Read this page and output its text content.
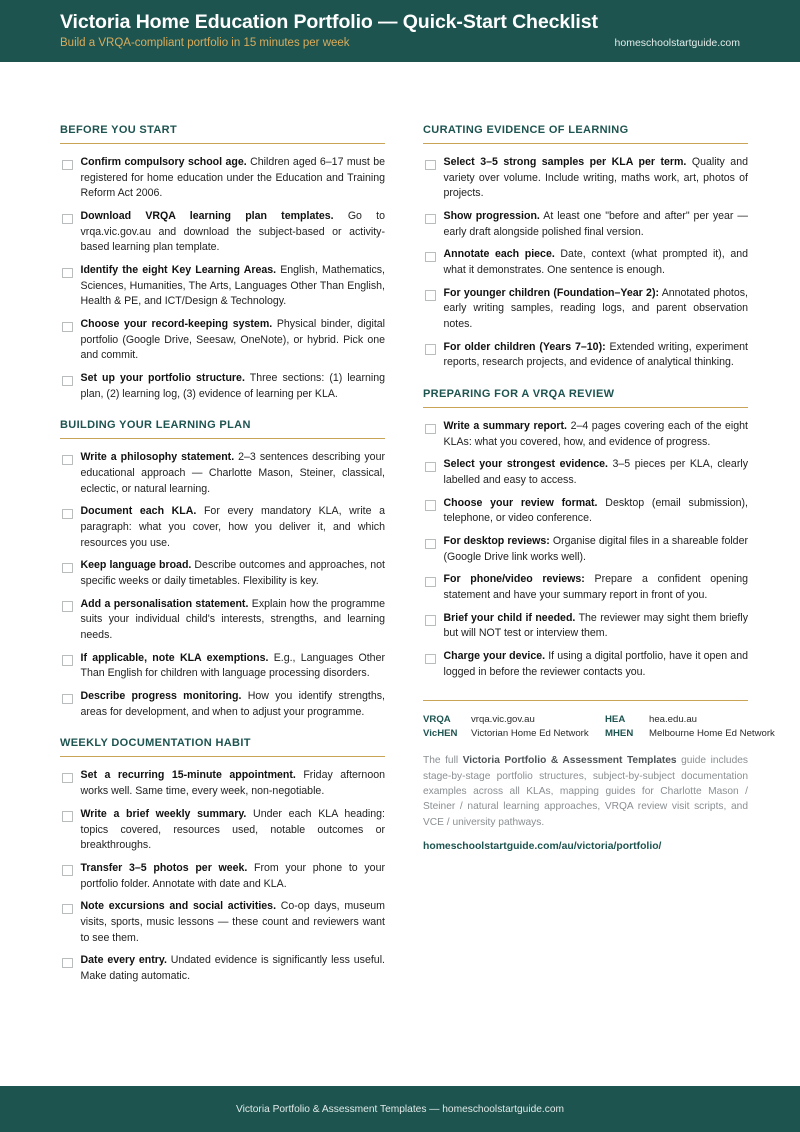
Victoria Home Education Portfolio — Quick-Start Checklist
Build a VRQA-compliant portfolio in 15 minutes per week	homeschoolstartguide.com
BEFORE YOU START
Confirm compulsory school age. Children aged 6–17 must be registered for home education under the Education and Training Reform Act 2006.
Download VRQA learning plan templates. Go to vrqa.vic.gov.au and download the subject-based or activity-based learning plan template.
Identify the eight Key Learning Areas. English, Mathematics, Sciences, Humanities, The Arts, Languages Other Than English, Health & PE, and ICT/Design & Technology.
Choose your record-keeping system. Physical binder, digital portfolio (Google Drive, Seesaw, OneNote), or hybrid. Pick one and commit.
Set up your portfolio structure. Three sections: (1) learning plan, (2) learning log, (3) evidence of learning per KLA.
BUILDING YOUR LEARNING PLAN
Write a philosophy statement. 2–3 sentences describing your educational approach — Charlotte Mason, Steiner, classical, eclectic, or natural learning.
Document each KLA. For every mandatory KLA, write a paragraph: what you cover, how you deliver it, and which resources you use.
Keep language broad. Describe outcomes and approaches, not specific weeks or daily timetables. Flexibility is key.
Add a personalisation statement. Explain how the programme suits your individual child's interests, strengths, and learning needs.
If applicable, note KLA exemptions. E.g., Languages Other Than English for children with language processing disorders.
Describe progress monitoring. How you identify strengths, areas for development, and when to adjust your programme.
WEEKLY DOCUMENTATION HABIT
Set a recurring 15-minute appointment. Friday afternoon works well. Same time, every week, non-negotiable.
Write a brief weekly summary. Under each KLA heading: topics covered, resources used, notable outcomes or breakthroughs.
Transfer 3–5 photos per week. From your phone to your portfolio folder. Annotate with date and KLA.
Note excursions and social activities. Co-op days, museum visits, sports, music lessons — these count and reviewers want to see them.
Date every entry. Undated evidence is significantly less useful. Make dating automatic.
CURATING EVIDENCE OF LEARNING
Select 3–5 strong samples per KLA per term. Quality and variety over volume. Include writing, maths work, art, photos of projects.
Show progression. At least one "before and after" per year — early draft alongside polished final version.
Annotate each piece. Date, context (what prompted it), and what it demonstrates. One sentence is enough.
For younger children (Foundation–Year 2): Annotated photos, early writing samples, reading logs, and parent observation notes.
For older children (Years 7–10): Extended writing, experiment reports, research projects, and evidence of analytical thinking.
PREPARING FOR A VRQA REVIEW
Write a summary report. 2–4 pages covering each of the eight KLAs: what you covered, how, and evidence of progress.
Select your strongest evidence. 3–5 pieces per KLA, clearly labelled and easy to access.
Choose your review format. Desktop (email submission), telephone, or video conference.
For desktop reviews: Organise digital files in a shareable folder (Google Drive link works well).
For phone/video reviews: Prepare a confident opening statement and have your summary report in front of you.
Brief your child if needed. The reviewer may sight them briefly but will NOT test or interview them.
Charge your device. If using a digital portfolio, have it open and logged in before the reviewer contacts you.
VRQA	vrqa.vic.gov.au	HEA	hea.edu.au
VicHEN	Victorian Home Ed Network	MHEN	Melbourne Home Ed Network
The full Victoria Portfolio & Assessment Templates guide includes stage-by-stage portfolio structures, subject-by-subject documentation examples across all KLAs, mapping guides for Charlotte Mason / Steiner / natural learning approaches, VRQA review visit scripts, and VCE / university pathways.
homeschoolstartguide.com/au/victoria/portfolio/
Victoria Portfolio & Assessment Templates — homeschoolstartguide.com
